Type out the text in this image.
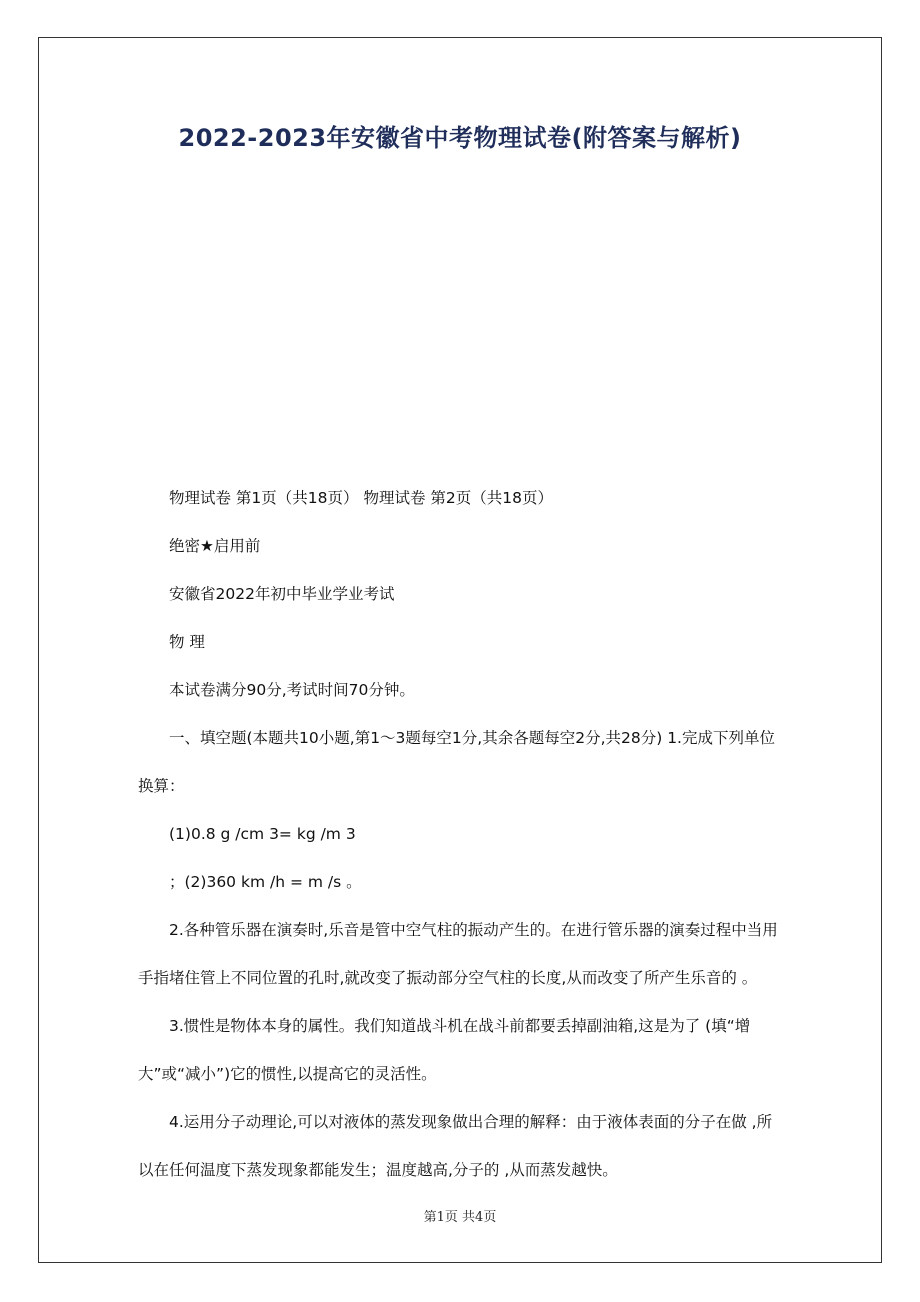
2022-2023年安徽省中考物理试卷(附答案与解析)

物理试卷 第1页（共18页） 物理试卷 第2页（共18页）

绝密★启用前

安徽省2022年初中毕业学业考试

物 理

本试卷满分90分,考试时间70分钟。

一、填空题(本题共10小题,第1～3题每空1分,其余各题每空2分,共28分) 1.完成下列单位换算：

(1)0.8 g /cm 3= kg /m 3

；(2)360 km /h = m /s 。

2.各种管乐器在演奏时,乐音是管中空气柱的振动产生的。在进行管乐器的演奏过程中当用手指堵住管上不同位置的孔时,就改变了振动部分空气柱的长度,从而改变了所产生乐音的 。

3.惯性是物体本身的属性。我们知道战斗机在战斗前都要丢掉副油箱,这是为了 (填“增大”或“减小”)它的惯性,以提高它的灵活性。

4.运用分子动理论,可以对液体的蒸发现象做出合理的解释：由于液体表面的分子在做 ,所以在任何温度下蒸发现象都能发生；温度越高,分子的 ,从而蒸发越快。

第1页 共4页
